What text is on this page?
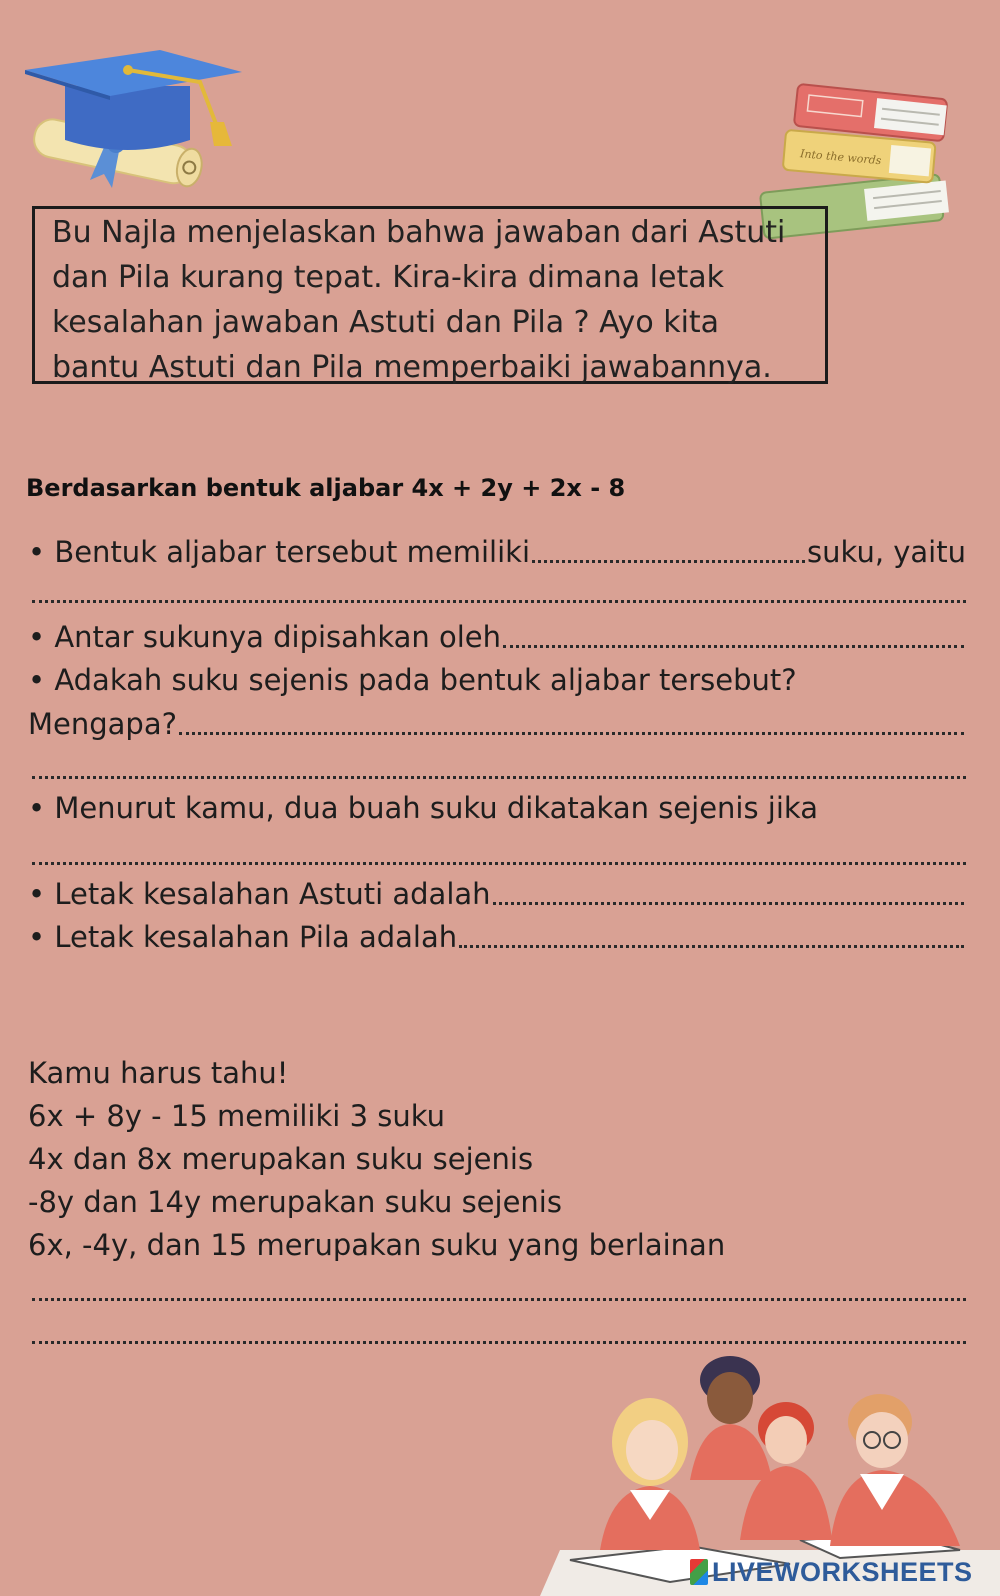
Into the words
Bu Najla menjelaskan bahwa jawaban dari Astuti
dan Pila kurang tepat. Kira-kira dimana letak
kesalahan jawaban Astuti dan Pila ? Ayo kita
bantu Astuti dan Pila memperbaiki jawabannya.
Berdasarkan bentuk aljabar 4x + 2y + 2x - 8
• Bentuk aljabar tersebut memiliki	suku, yaitu
• Antar sukunya dipisahkan oleh
• Adakah suku sejenis pada bentuk aljabar tersebut?
Mengapa?
• Menurut kamu, dua buah suku dikatakan sejenis jika
• Letak kesalahan Astuti adalah
• Letak kesalahan Pila adalah
Kamu harus tahu!
6x + 8y - 15 memiliki 3 suku
4x dan 8x merupakan suku sejenis
-8y dan 14y merupakan suku sejenis
6x, -4y, dan 15 merupakan suku yang berlainan
LIVEWORKSHEETS
